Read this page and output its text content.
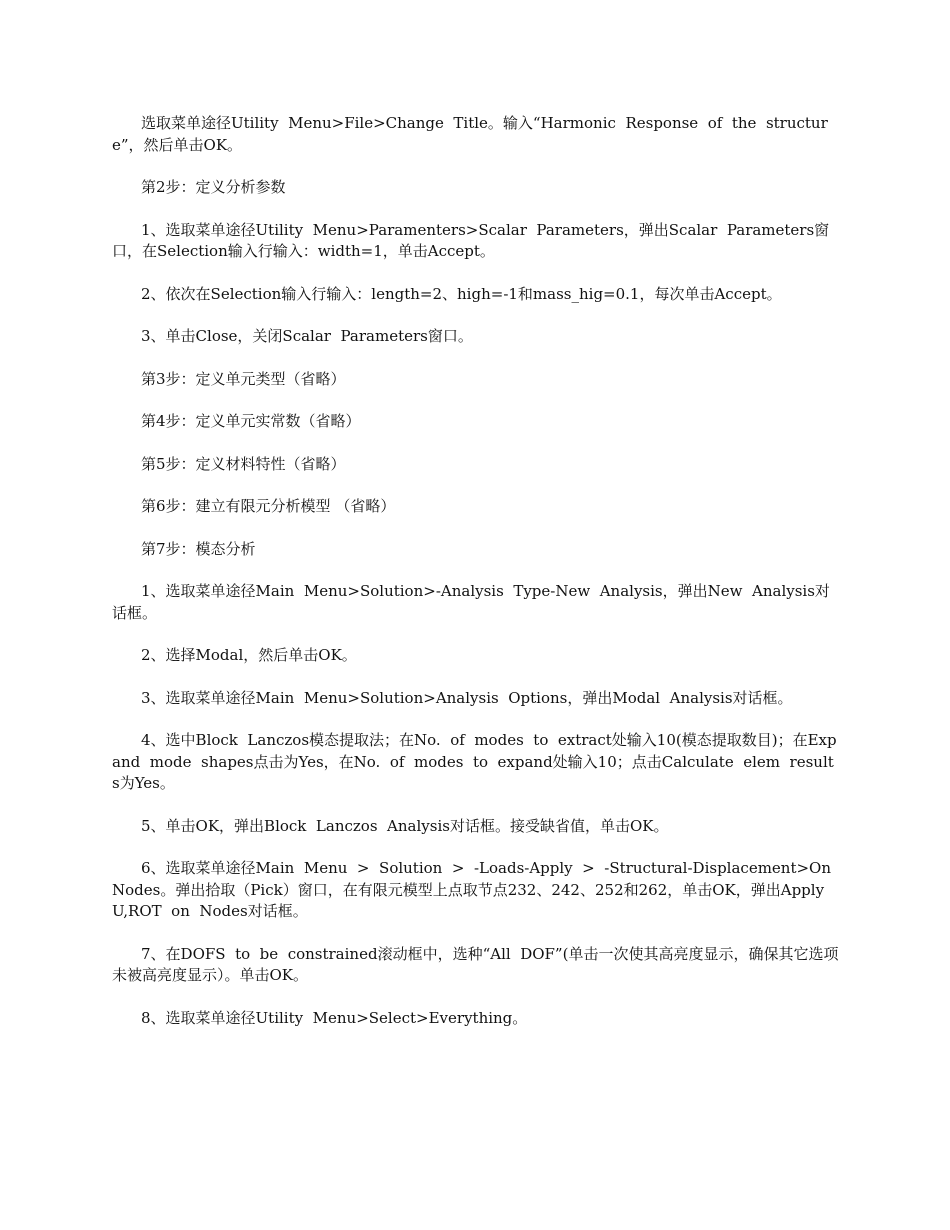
选取菜单途径Utility  Menu>File>Change  Title。输入“Harmonic  Response  of  the  structure”，然后单击OK。

第2步：定义分析参数

1、选取菜单途径Utility  Menu>Paramenters>Scalar  Parameters，弹出Scalar  Parameters窗口，在Selection输入行输入：width=1，单击Accept。

2、依次在Selection输入行输入：length=2、high=-1和mass_hig=0.1，每次单击Accept。

3、单击Close，关闭Scalar  Parameters窗口。

第3步：定义单元类型（省略）

第4步：定义单元实常数（省略）

第5步：定义材料特性（省略）

第6步：建立有限元分析模型 （省略）

第7步：模态分析

1、选取菜单途径Main  Menu>Solution>-Analysis  Type-New  Analysis，弹出New  Analysis对话框。

2、选择Modal，然后单击OK。

3、选取菜单途径Main  Menu>Solution>Analysis  Options，弹出Modal  Analysis对话框。

4、选中Block  Lanczos模态提取法；在No.  of  modes  to  extract处输入10(模态提取数目)；在Expand  mode  shapes点击为Yes，在No.  of  modes  to  expand处输入10；点击Calculate  elem  results为Yes。

5、单击OK，弹出Block  Lanczos  Analysis对话框。接受缺省值，单击OK。

6、选取菜单途径Main  Menu  >  Solution  >  -Loads-Apply  >  -Structural-Displacement>On  Nodes。弹出拾取（Pick）窗口，在有限元模型上点取节点232、242、252和262，单击OK，弹出Apply  U,ROT  on  Nodes对话框。

7、在DOFS  to  be  constrained滚动框中，选种“All  DOF”(单击一次使其高亮度显示，确保其它选项未被高亮度显示）。单击OK。

8、选取菜单途径Utility  Menu>Select>Everything。
